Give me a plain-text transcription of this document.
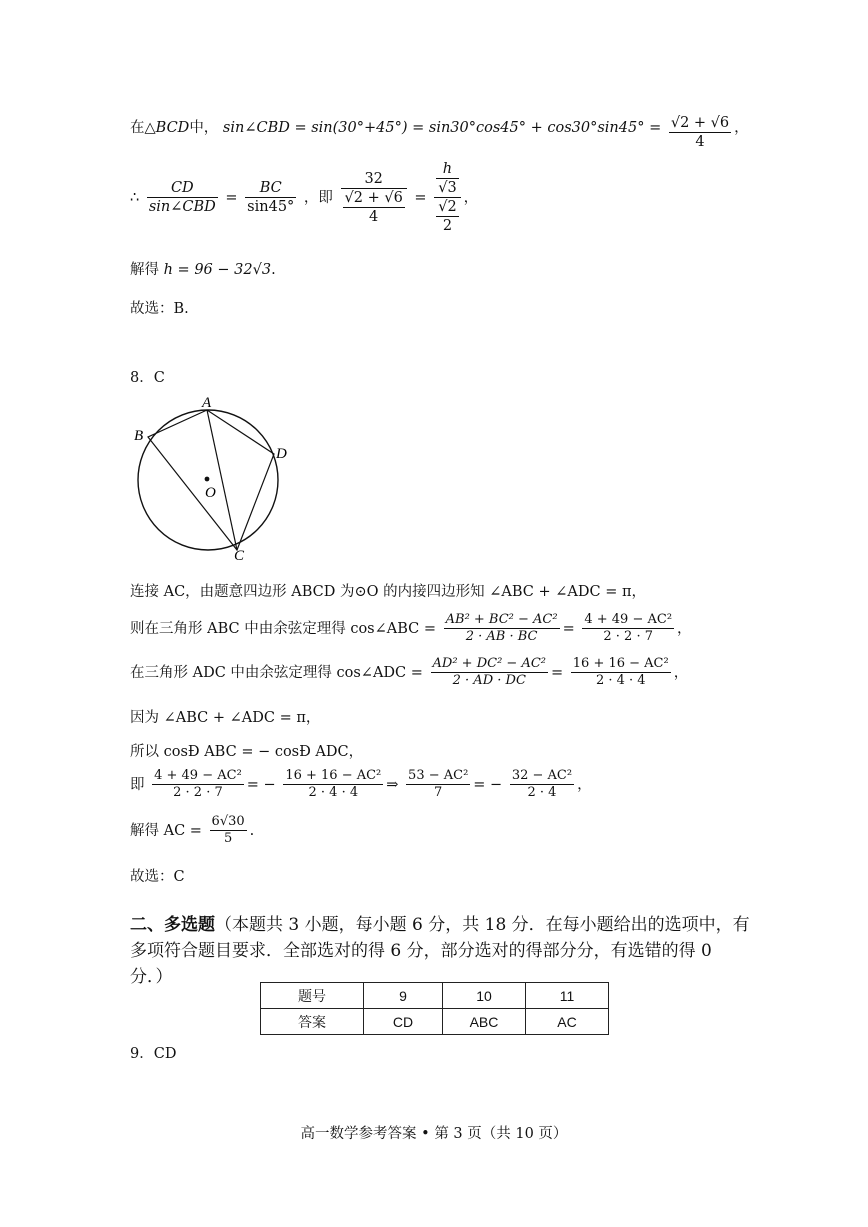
在△BCD中， sin∠CBD = $\sin(30^\circ+45^\circ) = \sin 30^\circ\cos 45^\circ + \cos 30^\circ\sin 45^\circ = \frac{√2 + √6}{4}$ ，
∴ $\frac{CD}{\text{sin∠CBD}} = \frac{BC}{\sin 45^\circ}$ ，即 $\frac{32}{\frac{√2 + √6}{4}} = \frac{\frac{h}{√3}}{\frac{√2}{2}}$ ，
解得 h = 96 − 32√3.
故选：B.
8．C
A
B
D
O
C
连接 AC，由题意四边形 ABCD 为⊙O 的内接四边形知 ∠ABC + ∠ADC = π，
则在三角形 ABC 中由余弦定理得 cos∠ABC = $\frac{\text{AB² + BC² − AC²}}{2 \cdot AB \cdot BC} = \frac{\text{4 + 49 − AC²}}{2 \cdot 2 \cdot 7}$ ，
在三角形 ADC 中由余弦定理得 cos∠ADC = $\frac{\text{AD² + DC² − AC²}}{2 \cdot AD \cdot DC} = \frac{\text{16 + 16 − AC²}}{2 \cdot 4 \cdot 4}$ ，
因为 ∠ABC + ∠ADC = π，
所以 cosÐ ABC = − cosÐ ADC，
即 $\frac{\text{4 + 49 − AC²}}{2 \cdot 2 \cdot 7}$ = − $\frac{\text{16 + 16 − AC²}}{2 \cdot 4 \cdot 4}$ ⇒ $\frac{\text{53 − AC²}}{7}$ = − $\frac{\text{32 − AC²}}{2 \cdot 4}$ ，
解得 AC = $\frac{6√30}{5}$ .
故选：C
二、多选题（本题共 3 小题，每小题 6 分，共 18 分．在每小题给出的选项中，有多项符合题目要求．全部选对的得 6 分，部分选对的得部分分，有选错的得 0 分．）
题号	9	10	11
答案	CD	ABC	AC
9．CD
高一数学参考答案 • 第 3 页（共 10 页）
